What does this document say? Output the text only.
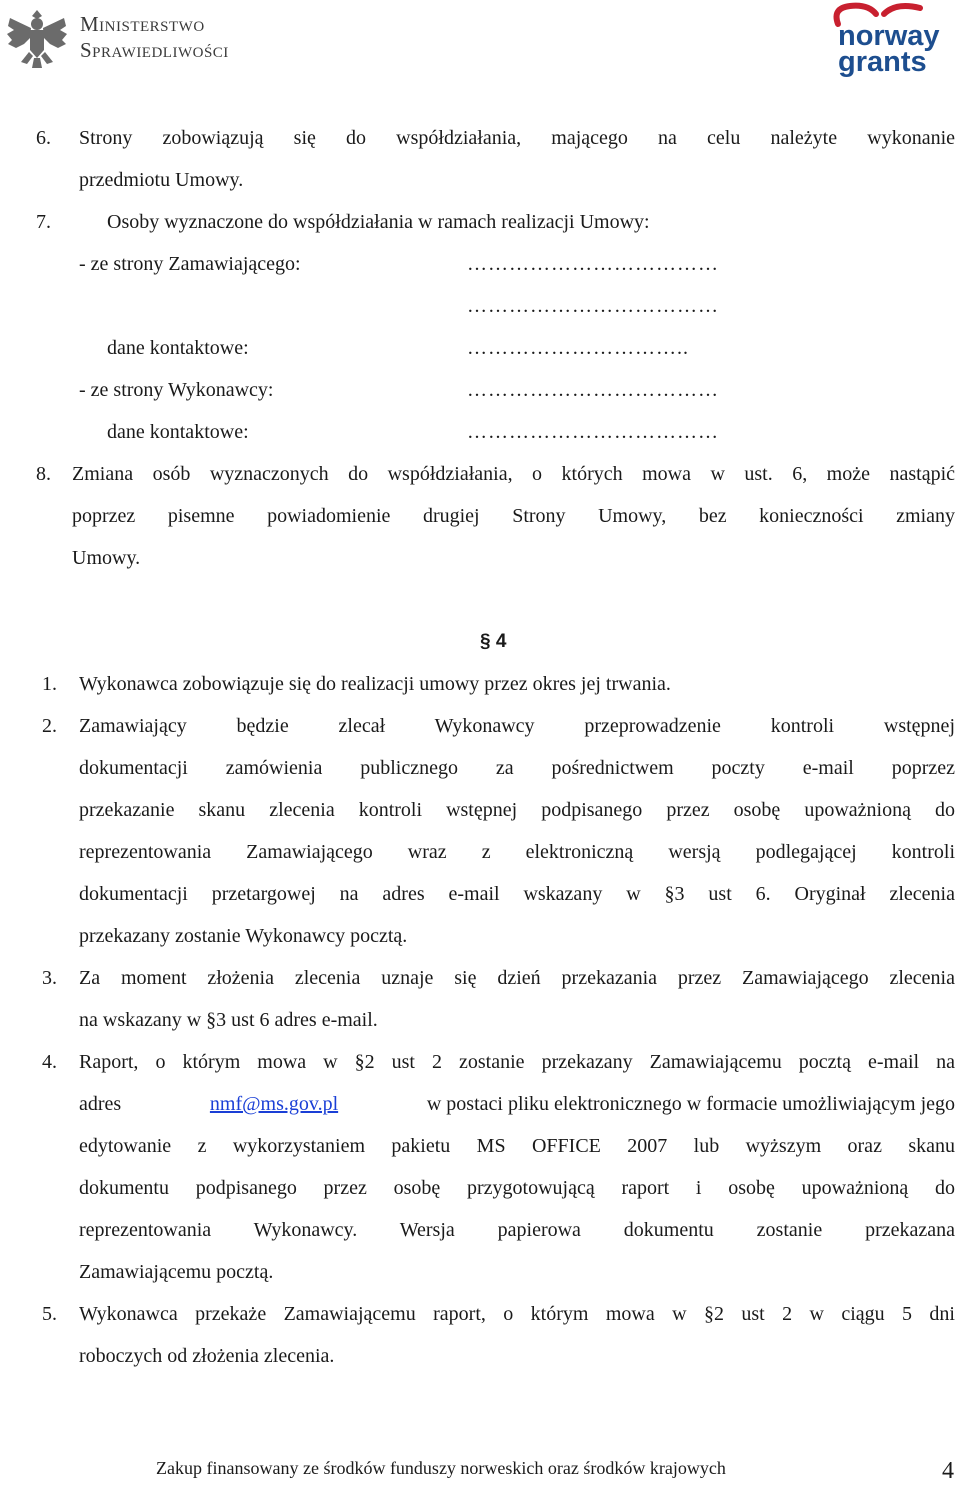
Ministerstwo
Sprawiedliwości	norway
grants
6. Strony zobowiązują się do współdziałania, mającego na celu należyte wykonanie
przedmiotu Umowy.
7.	Osoby wyznaczone do współdziałania w ramach realizacji Umowy:
- ze strony Zamawiającego:	………………………………
………………………………
dane kontaktowe:	…………………………..
- ze strony Wykonawcy:	………………………………
dane kontaktowe:	………………………………
8. Zmiana osób wyznaczonych do współdziałania, o których mowa w ust. 6, może nastąpić
poprzez pisemne powiadomienie drugiej Strony Umowy, bez konieczności zmiany
Umowy.
§ 4
1. Wykonawca zobowiązuje się do realizacji umowy przez okres jej trwania.
2. Zamawiający będzie zlecał Wykonawcy przeprowadzenie kontroli wstępnej
dokumentacji zamówienia publicznego za pośrednictwem poczty e-mail poprzez
przekazanie skanu zlecenia kontroli wstępnej podpisanego przez osobę upoważnioną do
reprezentowania Zamawiającego wraz z elektroniczną wersją podlegającej kontroli
dokumentacji przetargowej na adres e-mail wskazany w §3 ust 6. Oryginał zlecenia
przekazany zostanie Wykonawcy pocztą.
3. Za moment złożenia zlecenia uznaje się dzień przekazania przez Zamawiającego zlecenia
na wskazany w §3 ust 6 adres e-mail.
4. Raport, o którym mowa w §2 ust 2 zostanie przekazany Zamawiającemu pocztą e-mail na
adres	nmf@ms.gov.pl	w postaci pliku elektronicznego w formacie umożliwiającym jego
edytowanie z wykorzystaniem pakietu MS OFFICE 2007 lub wyższym oraz skanu
dokumentu podpisanego przez osobę przygotowującą raport i osobę upoważnioną do
reprezentowania Wykonawcy. Wersja papierowa dokumentu zostanie przekazana
Zamawiającemu pocztą.
5. Wykonawca przekaże Zamawiającemu raport, o którym mowa w §2 ust 2 w ciągu 5 dni
roboczych od złożenia zlecenia.
Zakup finansowany ze środków funduszy norweskich oraz środków krajowych	4
